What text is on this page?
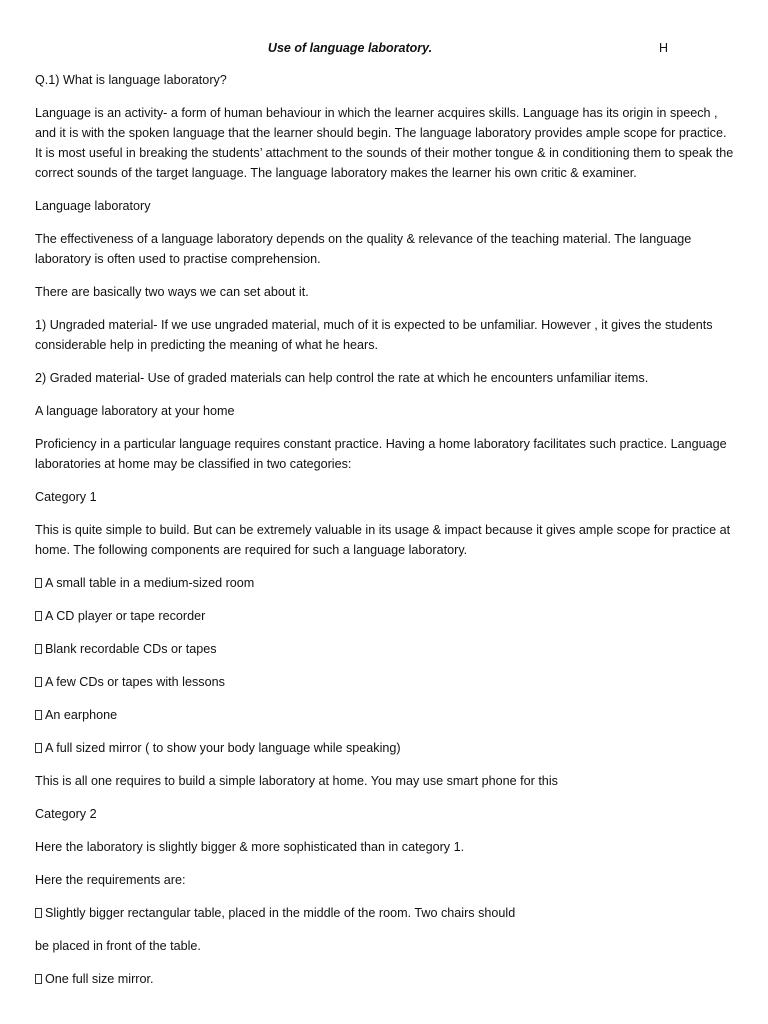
Use of language laboratory.	H

Q.1) What is language laboratory?

Language is an activity- a form of human behaviour in which the learner acquires skills. Language has its origin in speech , and it is with the spoken language that the learner should begin. The language laboratory provides ample scope for practice. It is most useful in breaking the students’ attachment to the sounds of their mother tongue & in conditioning them to speak the correct sounds of the target language. The language laboratory makes the learner his own critic & examiner.

Language laboratory

The effectiveness of a language laboratory depends on the quality & relevance of the teaching material. The language laboratory is often used to practise comprehension.

There are basically two ways we can set about it.

1) Ungraded material- If we use ungraded material, much of it is expected to be unfamiliar. However , it gives the students considerable help in predicting the meaning of what he hears.

2) Graded material- Use of graded materials can help control the rate at which he encounters unfamiliar items.

A language laboratory at your home

Proficiency in a particular language requires constant practice. Having a home laboratory facilitates such practice. Language laboratories at home may be classified in two categories:

Category 1

This is quite simple to build. But can be extremely valuable in its usage & impact because it gives ample scope for practice at home. The following components are required for such a language laboratory.

A small table in a medium-sized room

A CD player or tape recorder

Blank recordable CDs or tapes

A few CDs or tapes with lessons

An earphone

A full sized mirror ( to show your body language while speaking)

This is all one requires to build a simple laboratory at home. You may use smart phone for this

Category 2

Here the laboratory is slightly bigger & more sophisticated than in category 1.

Here the requirements are:

Slightly bigger rectangular table, placed in the middle of the room. Two chairs should

be placed in front of the table.

One full size mirror.
